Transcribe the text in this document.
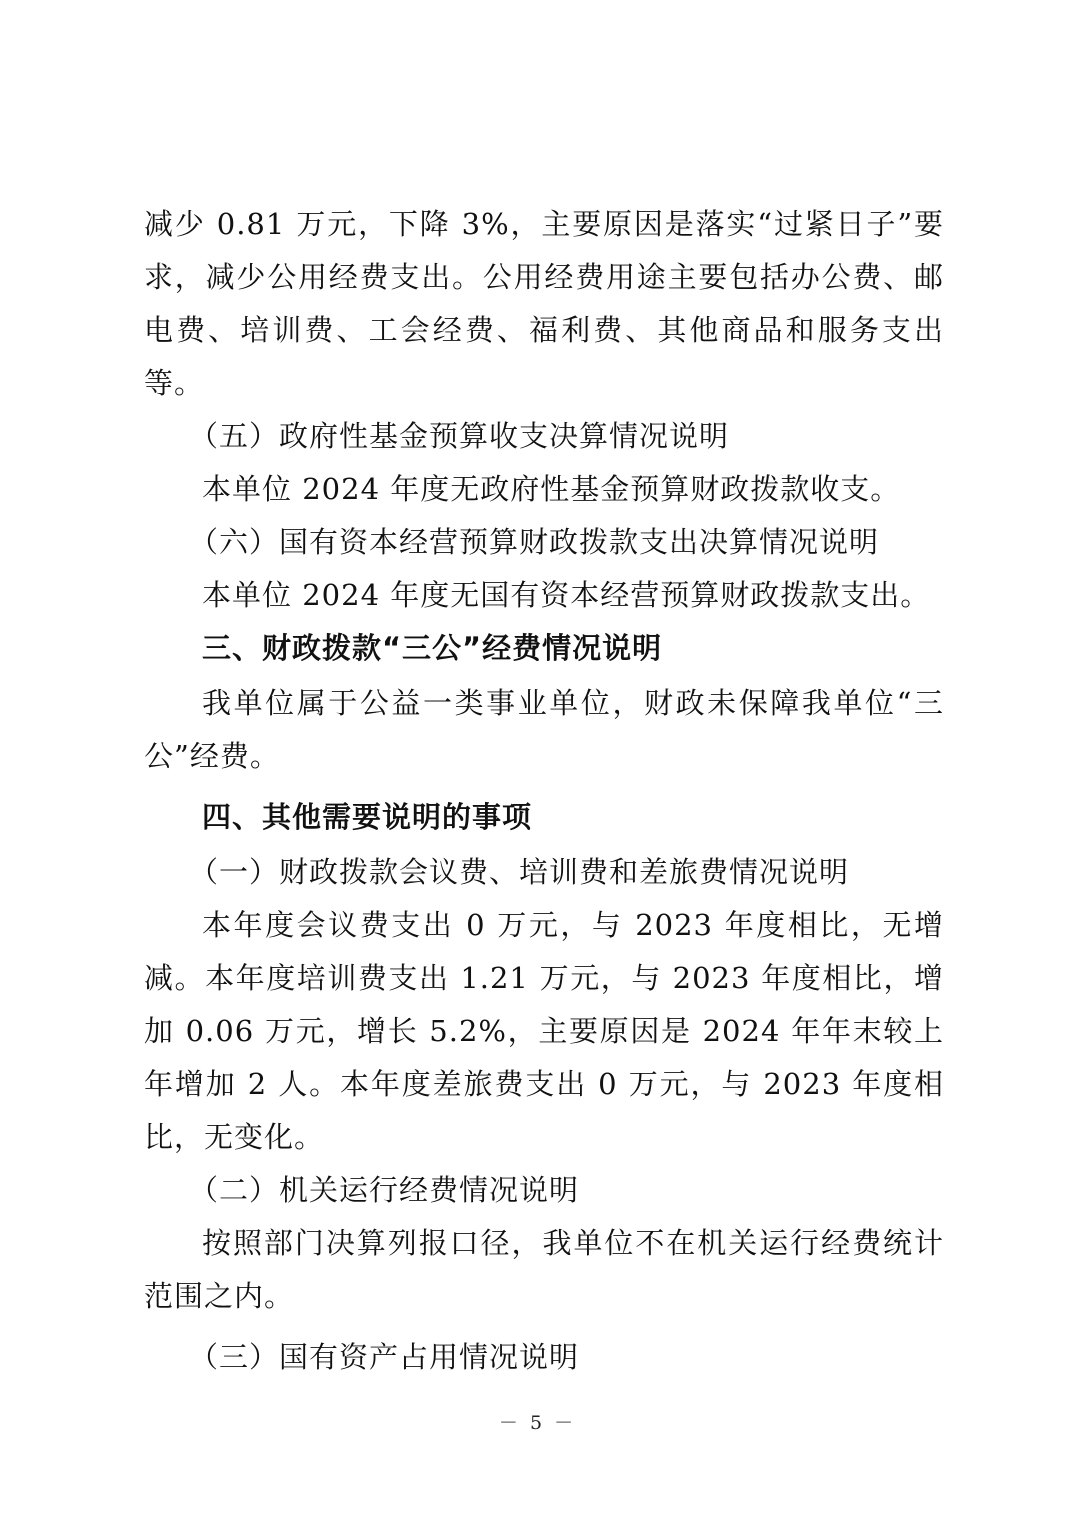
减少 0.81 万元，下降 3%，主要原因是落实“过紧日子”要求，减少公用经费支出。公用经费用途主要包括办公费、邮电费、培训费、工会经费、福利费、其他商品和服务支出等。

（五）政府性基金预算收支决算情况说明

本单位 2024 年度无政府性基金预算财政拨款收支。

（六）国有资本经营预算财政拨款支出决算情况说明

本单位 2024 年度无国有资本经营预算财政拨款支出。

三、财政拨款“三公”经费情况说明

我单位属于公益一类事业单位，财政未保障我单位“三公”经费。

四、其他需要说明的事项

（一）财政拨款会议费、培训费和差旅费情况说明

本年度会议费支出 0 万元，与 2023 年度相比，无增减。本年度培训费支出 1.21 万元，与 2023 年度相比，增加 0.06 万元，增长 5.2%，主要原因是 2024 年年末较上年增加 2 人。本年度差旅费支出 0 万元，与 2023 年度相比，无变化。

（二）机关运行经费情况说明

按照部门决算列报口径，我单位不在机关运行经费统计范围之内。

（三）国有资产占用情况说明

－ 5 －
